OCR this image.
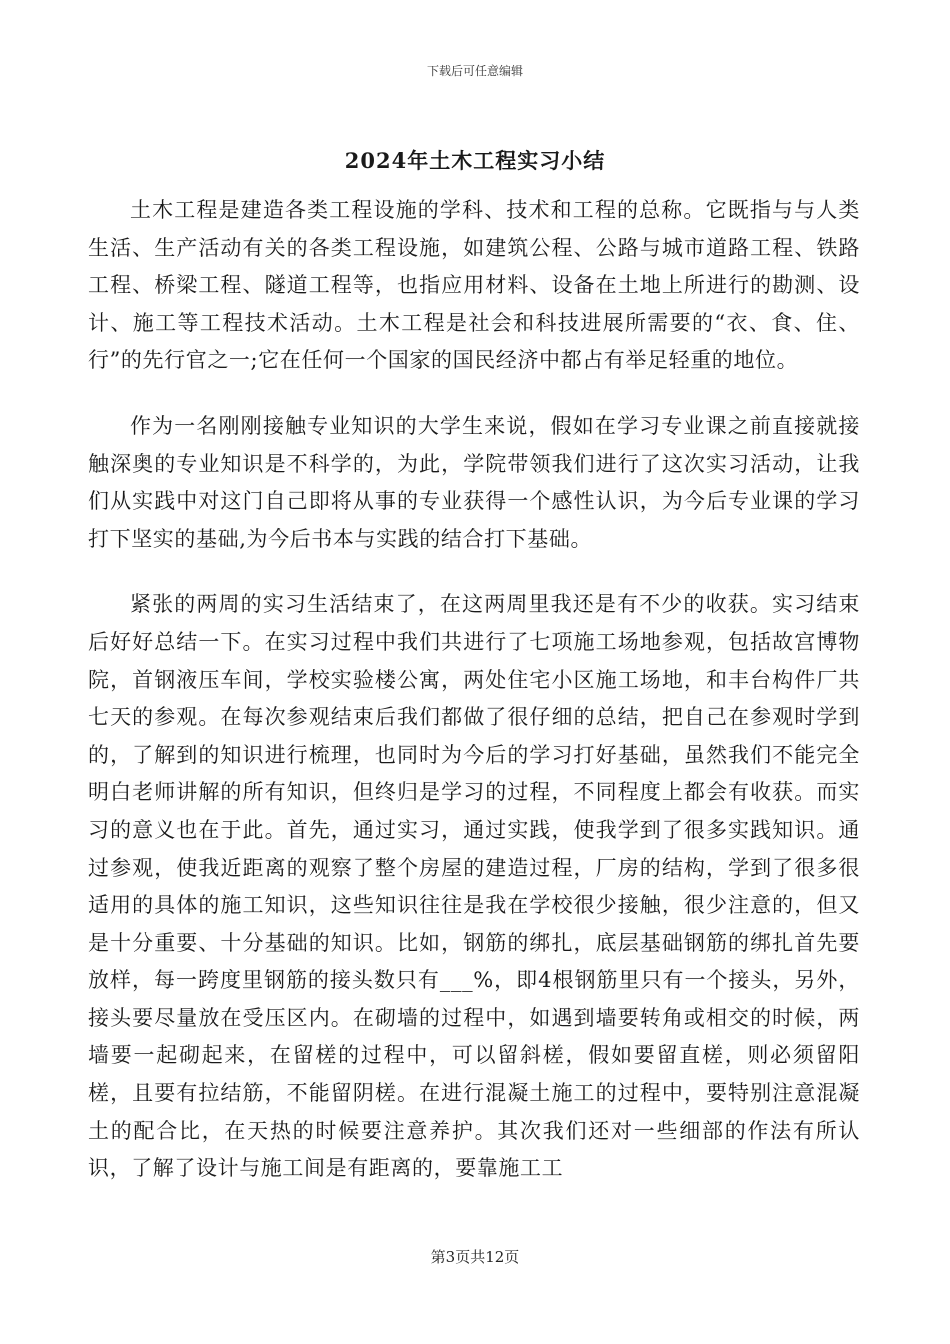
下载后可任意编辑
2024年土木工程实习小结

土木工程是建造各类工程设施的学科、技术和工程的总称。它既指与与人类生活、生产活动有关的各类工程设施，如建筑公程、公路与城市道路工程、铁路工程、桥梁工程、隧道工程等，也指应用材料、设备在土地上所进行的勘测、设计、施工等工程技术活动。土木工程是社会和科技进展所需要的“衣、食、住、行”的先行官之一;它在任何一个国家的国民经济中都占有举足轻重的地位。

作为一名刚刚接触专业知识的大学生来说，假如在学习专业课之前直接就接触深奥的专业知识是不科学的，为此，学院带领我们进行了这次实习活动，让我们从实践中对这门自己即将从事的专业获得一个感性认识，为今后专业课的学习打下坚实的基础,为今后书本与实践的结合打下基础。

紧张的两周的实习生活结束了，在这两周里我还是有不少的收获。实习结束后好好总结一下。在实习过程中我们共进行了七项施工场地参观，包括故宫博物院，首钢液压车间，学校实验楼公寓，两处住宅小区施工场地，和丰台构件厂共七天的参观。在每次参观结束后我们都做了很仔细的总结，把自己在参观时学到的，了解到的知识进行梳理，也同时为今后的学习打好基础，虽然我们不能完全明白老师讲解的所有知识，但终归是学习的过程，不同程度上都会有收获。而实习的意义也在于此。首先，通过实习，通过实践，使我学到了很多实践知识。通过参观，使我近距离的观察了整个房屋的建造过程，厂房的结构，学到了很多很适用的具体的施工知识，这些知识往往是我在学校很少接触，很少注意的，但又是十分重要、十分基础的知识。比如，钢筋的绑扎，底层基础钢筋的绑扎首先要放样，每一跨度里钢筋的接头数只有___%，即4根钢筋里只有一个接头，另外，接头要尽量放在受压区内。在砌墙的过程中，如遇到墙要转角或相交的时候，两墙要一起砌起来，在留槎的过程中，可以留斜槎，假如要留直槎，则必须留阳槎，且要有拉结筋，不能留阴槎。在进行混凝土施工的过程中，要特别注意混凝土的配合比，在天热的时候要注意养护。其次我们还对一些细部的作法有所认识，了解了设计与施工间是有距离的，要靠施工工

第3页共12页
